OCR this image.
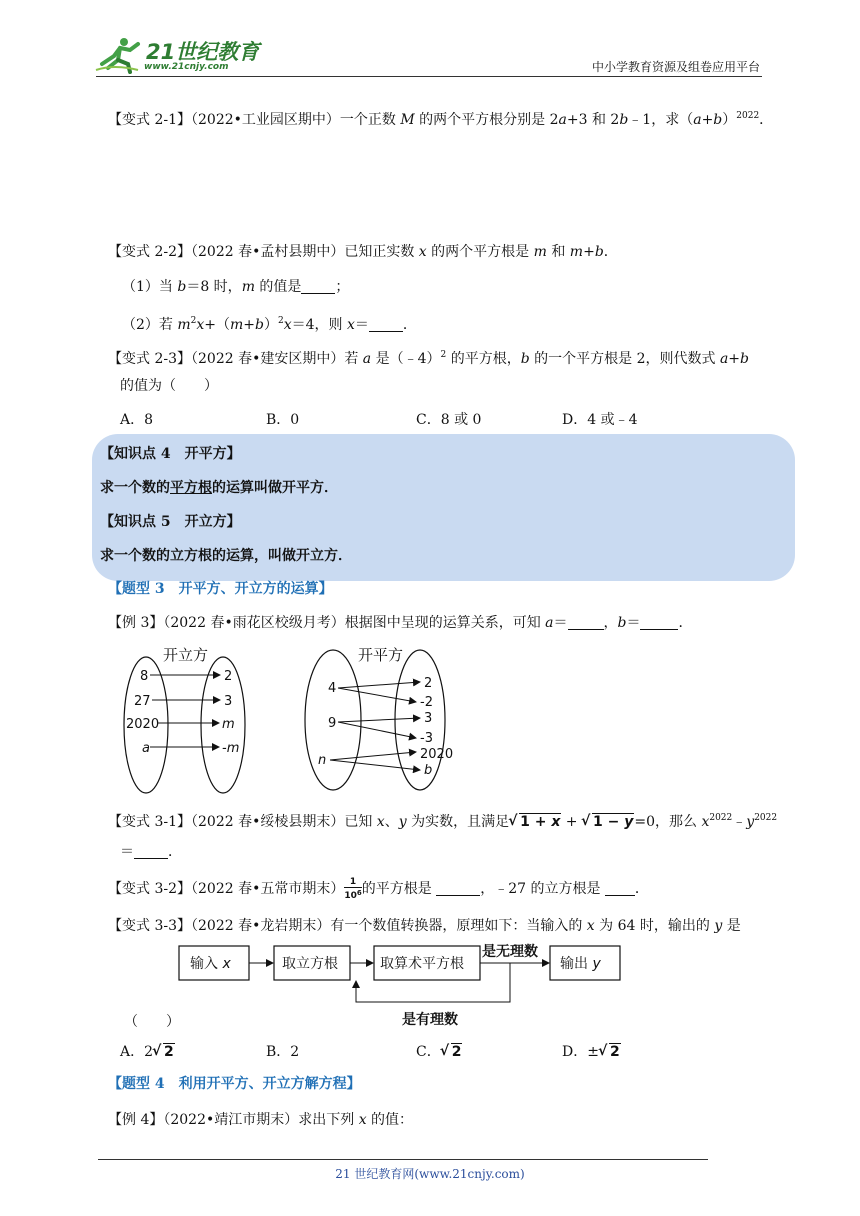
21世纪教育
www.21cnjy.com	中小学教育资源及组卷应用平台
【变式 2-1】（2022•工业园区期中）一个正数 M 的两个平方根分别是 2a+3 和 2b﹣1，求$(a+b)^{2022}$．
【变式 2-2】（2022 春•孟村县期中）已知正实数 x 的两个平方根是 m 和 m+b．
（1）当 b＝8 时，m 的值是 ；
（2）若 $m^2x+(m+b)^2x=4$，则 x＝ ．
【变式 2-3】（2022 春•建安区期中）若 a 是（﹣4）$^2$ 的平方根，b 的一个平方根是 2，则代数式 a+b
的值为（　　）
A．8	B．0	C．8 或 0	D．4 或﹣4
【知识点 4　开平方】
求一个数的平方根的运算叫做开平方．
【知识点 5　开立方】
求一个数的立方根的运算，叫做开立方．
【题型 3　开平方、开立方的运算】
【例 3】（2022 春•雨花区校级月考）根据图中呈现的运算关系，可知 a＝	，b＝	．
开立方
8
27
2020
a
2
3
m
-m
开平方
4
9
n
2
-2
3
-3
2020
b
【变式 3-1】（2022 春•绥棱县期末）已知 x、y 为实数，且满足 √ 1 + x + √ 1 − y=0，那么 $x^{2022}﹣y^{2022}$
＝ ．
【变式 3-2】（2022 春•五常市期末） $\frac{1}{10^6}$ 的平方根是	，﹣27 的立方根是 ．
【变式 3-3】（2022 春•龙岩期末）有一个数值转换器，原理如下：当输入的 x 为 64 时，输出的 y 是
输入 x	取立方根	取算术平方根	输出 y
是无理数
是有理数
（　　）
A．2 √ 2	B．2	C． √ 2	D．± √ 2
【题型 4　利用开平方、开立方解方程】
【例 4】（2022•靖江市期末）求出下列 x 的值：
21 世纪教育网(www.21cnjy.com)
